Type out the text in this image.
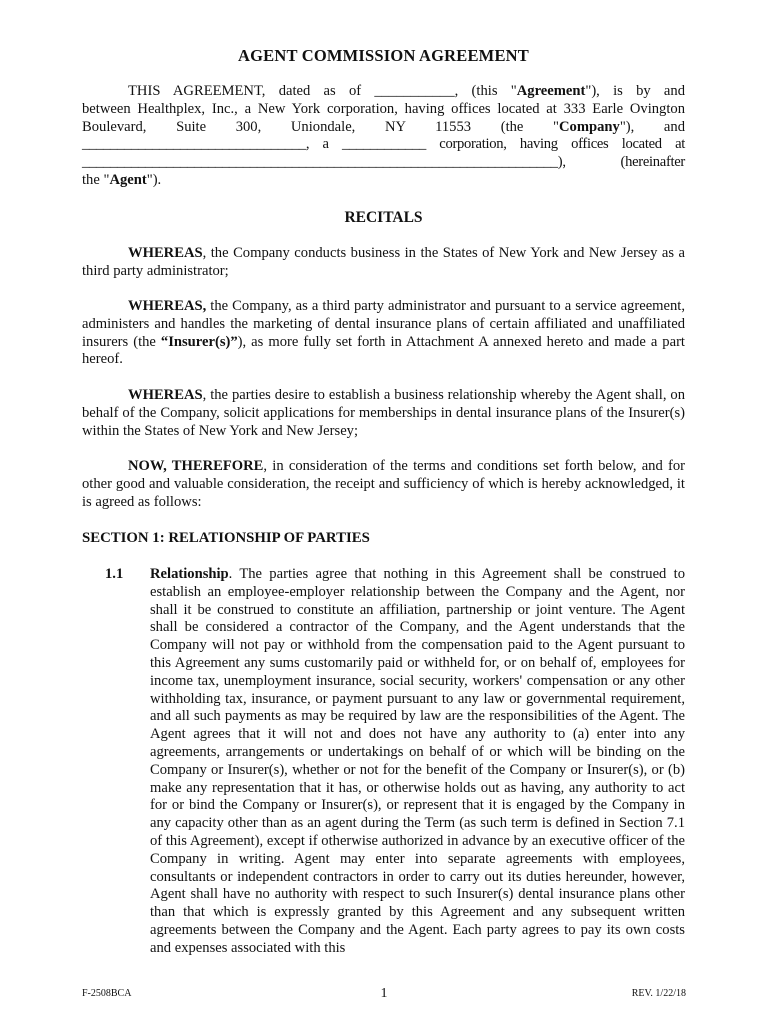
AGENT COMMISSION AGREEMENT
THIS AGREEMENT, dated as of ___________, (this "Agreement"), is by and
between Healthplex, Inc., a New York corporation, having offices located at 333 Earle Ovington
Boulevard, Suite 300, Uniondale, NY 11553 (the "Company"), and
________________________________, a ____________ corporation, having offices located at
____________________________________________________________________), (hereinafter
the "Agent").
RECITALS
WHEREAS, the Company conducts business in the States of New York and New Jersey as a third party administrator;
WHEREAS, the Company, as a third party administrator and pursuant to a service agreement, administers and handles the marketing of dental insurance plans of certain affiliated and unaffiliated insurers (the “Insurer(s)”), as more fully set forth in Attachment A annexed hereto and made a part hereof.
WHEREAS, the parties desire to establish a business relationship whereby the Agent shall, on behalf of the Company, solicit applications for memberships in dental insurance plans of the Insurer(s) within the States of New York and New Jersey;
NOW, THEREFORE, in consideration of the terms and conditions set forth below, and for other good and valuable consideration, the receipt and sufficiency of which is hereby acknowledged, it is agreed as follows:
SECTION 1: RELATIONSHIP OF PARTIES
1.1 Relationship. The parties agree that nothing in this Agreement shall be construed to establish an employee-employer relationship between the Company and the Agent, nor shall it be construed to constitute an affiliation, partnership or joint venture. The Agent shall be considered a contractor of the Company, and the Agent understands that the Company will not pay or withhold from the compensation paid to the Agent pursuant to this Agreement any sums customarily paid or withheld for, or on behalf of, employees for income tax, unemployment insurance, social security, workers' compensation or any other withholding tax, insurance, or payment pursuant to any law or governmental requirement, and all such payments as may be required by law are the responsibilities of the Agent. The Agent agrees that it will not and does not have any authority to (a) enter into any agreements, arrangements or undertakings on behalf of or which will be binding on the Company or Insurer(s), whether or not for the benefit of the Company or Insurer(s), or (b) make any representation that it has, or otherwise holds out as having, any authority to act for or bind the Company or Insurer(s), or represent that it is engaged by the Company in any capacity other than as an agent during the Term (as such term is defined in Section 7.1 of this Agreement), except if otherwise authorized in advance by an executive officer of the Company in writing. Agent may enter into separate agreements with employees, consultants or independent contractors in order to carry out its duties hereunder, however, Agent shall have no authority with respect to such Insurer(s) dental insurance plans other than that which is expressly granted by this Agreement and any subsequent written agreements between the Company and the Agent. Each party agrees to pay its own costs and expenses associated with this
F-2508BCA	1	REV. 1/22/18
